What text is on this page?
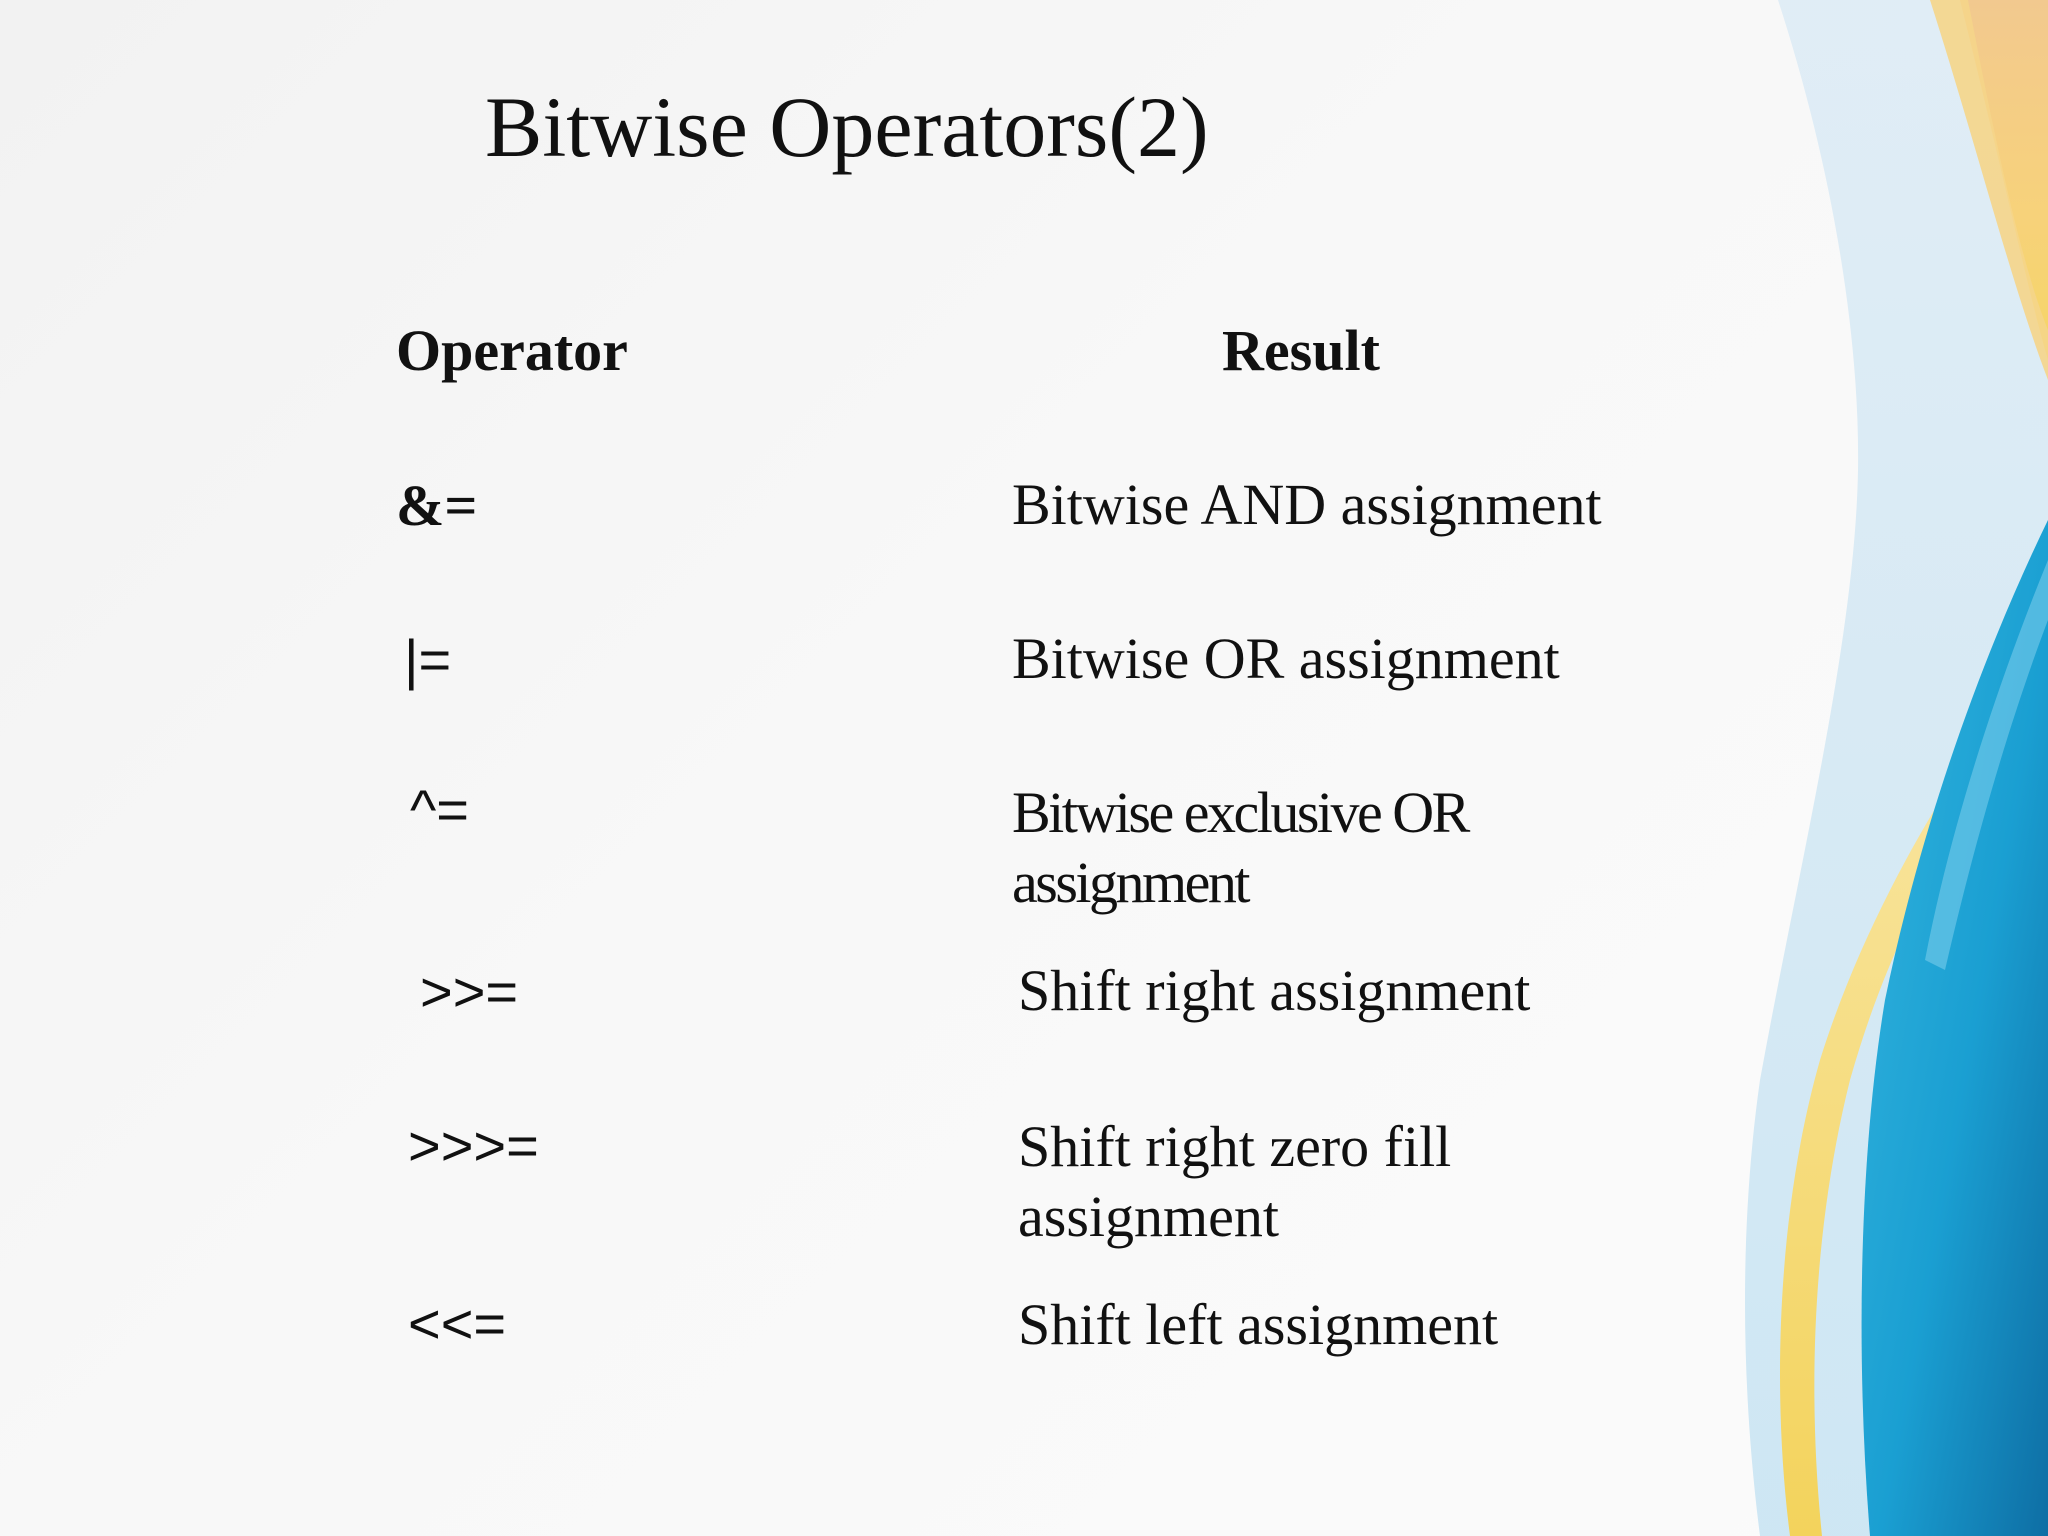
Bitwise Operators(2)
Operator	Result
&=	Bitwise AND assignment
|=	Bitwise OR assignment
^=	Bitwise exclusive OR assignment
>>=	Shift right assignment
>>>=	Shift right zero fill assignment
<<=	Shift left assignment
